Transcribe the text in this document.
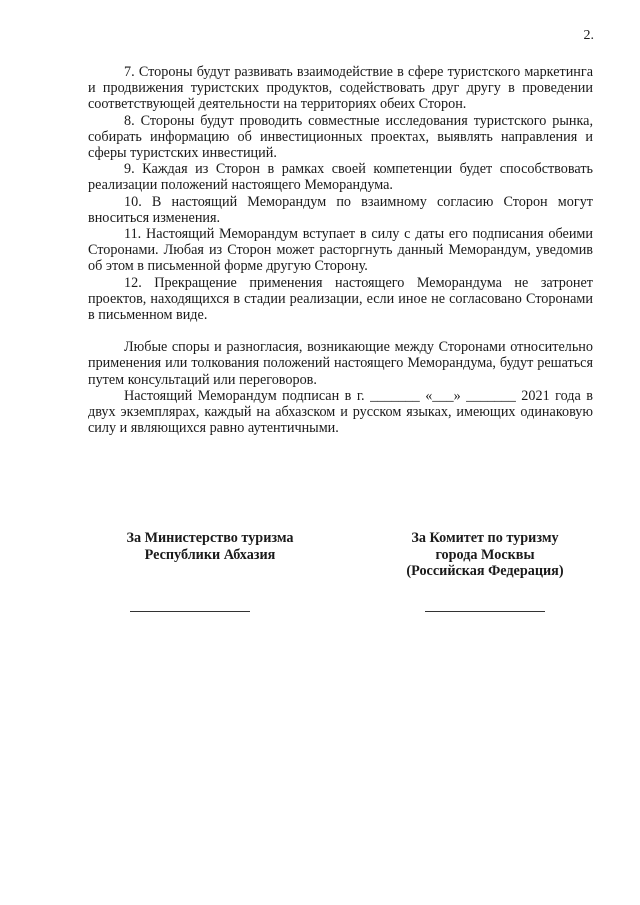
2.

7. Стороны будут развивать взаимодействие в сфере туристского маркетинга и продвижения туристских продуктов, содействовать друг другу в проведении соответствующей деятельности на территориях обеих Сторон.

8. Стороны будут проводить совместные исследования туристского рынка, собирать информацию об инвестиционных проектах, выявлять направления и сферы туристских инвестиций.

9. Каждая из Сторон в рамках своей компетенции будет способствовать реализации положений настоящего Меморандума.

10. В настоящий Меморандум по взаимному согласию Сторон могут вноситься изменения.

11. Настоящий Меморандум вступает в силу с даты его подписания обеими Сторонами. Любая из Сторон может расторгнуть данный Меморандум, уведомив об этом в письменной форме другую Сторону.

12. Прекращение применения настоящего Меморандума не затронет проектов, находящихся в стадии реализации, если иное не согласовано Сторонами в письменном виде.

Любые споры и разногласия, возникающие между Сторонами относительно применения или толкования положений настоящего Меморандума, будут решаться путем консультаций или переговоров.

Настоящий Меморандум подписан в г. _______ «___» _______ 2021 года в двух экземплярах, каждый на абхазском и русском языках, имеющих одинаковую силу и являющихся равно аутентичными.

За Министерство туризма
Республики Абхазия
За Комитет по туризму
города Москвы
(Российская Федерация)
